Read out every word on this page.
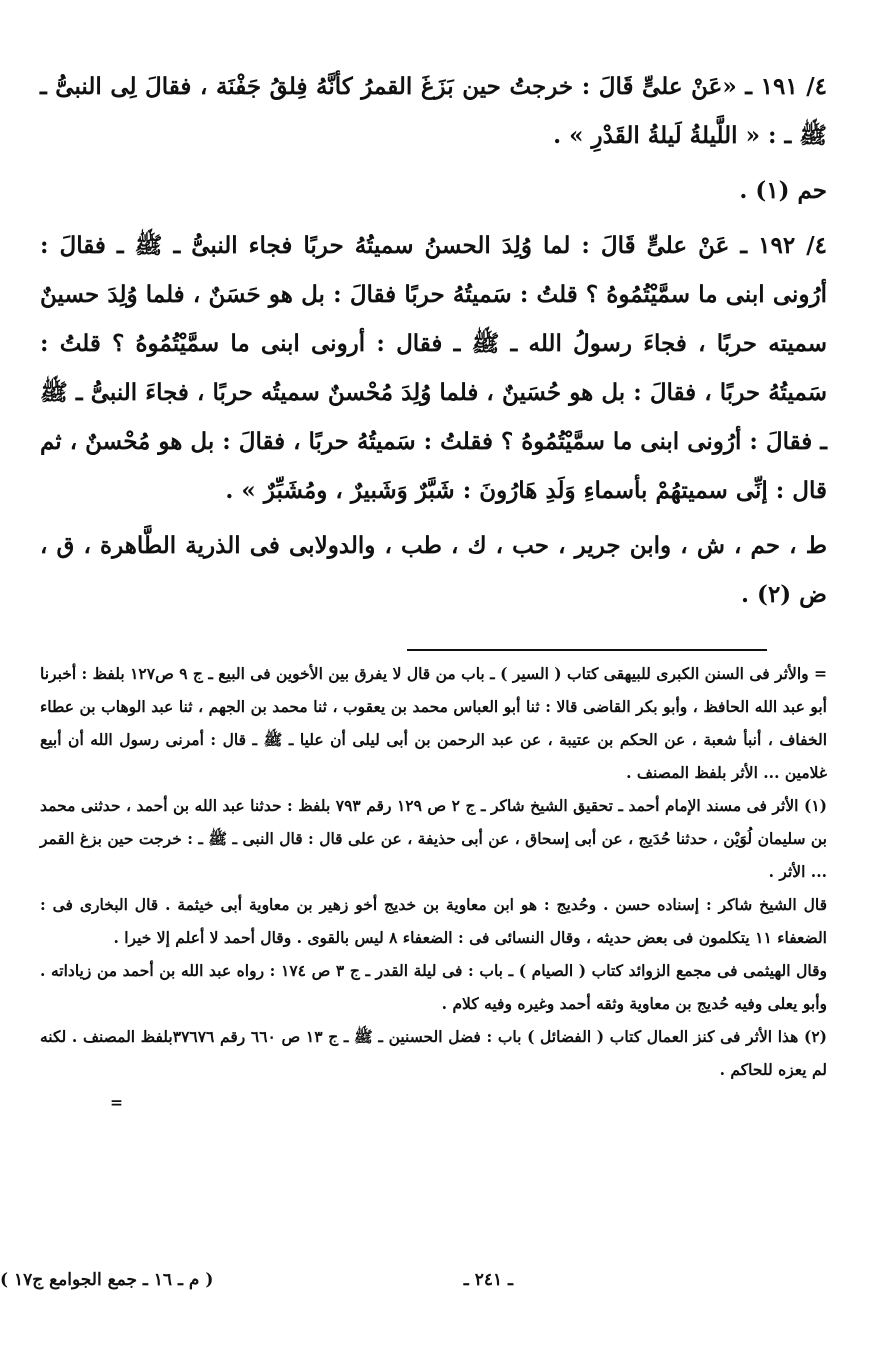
٤/ ١٩١ ـ «عَنْ علىٍّ قَالَ : خرجتُ حين بَزَغَ القمرُ كأنَّهُ فِلقُ جَفْنَة ، فقالَ لِى النبىُّ ـ ﷺ ـ : « اللَّيلةُ لَيلةُ القَدْرِ » .

حم (١) .

٤/ ١٩٢ ـ عَنْ علىٍّ قَالَ : لما وُلِدَ الحسنُ سميتُهُ حربًا فجاء النبىُّ ـ ﷺ ـ فقالَ : أرُونى ابنى ما سمَّيْتُمُوهُ ؟ قلتُ : سَميتُهُ حربًا فقالَ : بل هو حَسَنٌ ، فلما وُلِدَ حسينٌ سميته حربًا ، فجاءَ رسولُ الله ـ ﷺ ـ فقال : أرونى ابنى ما سمَّيْتُمُوهُ ؟ قلتُ : سَميتُهُ حربًا ، فقالَ : بل هو حُسَينٌ ، فلما وُلِدَ مُحْسنٌ سميتُه حربًا ، فجاءَ النبىُّ ـ ﷺ ـ فقالَ : أرُونى ابنى ما سمَّيْتُمُوهُ ؟ فقلتُ : سَميتُهُ حربًا ، فقالَ : بل هو مُحْسنٌ ، ثم قال : إنِّى سميتهُمْ بأسماءِ وَلَدِ هَارُونَ : شَبَّرٌ وَشَبيرٌ ، ومُشَبِّرٌ » .

ط ، حم ، ش ، وابن جرير ، حب ، ك ، طب ، والدولابى فى الذرية الطَّاهرة ، ق ، ض (٢) .

= والأثر فى السنن الكبرى للبيهقى كتاب ( السير ) ـ باب من قال لا يفرق بين الأخوين فى البيع ـ ج ٩ ص١٢٧ بلفظ : أخبرنا أبو عبد الله الحافظ ، وأبو بكر القاضى قالا : ثنا أبو العباس محمد بن يعقوب ، ثنا محمد بن الجهم ، ثنا عبد الوهاب بن عطاء الخفاف ، أنبأ شعبة ، عن الحكم بن عتيبة ، عن عبد الرحمن بن أبى ليلى أن عليا ـ ﷺ ـ قال : أمرنى رسول الله أن أبيع غلامين ... الأثر بلفظ المصنف .

(١) الأثر فى مسند الإمام أحمد ـ تحقيق الشيخ شاكر ـ ج ٢ ص ١٢٩ رقم ٧٩٣ بلفظ : حدثنا عبد الله بن أحمد ، حدثنى محمد بن سليمان لُوَيْن ، حدثنا حُدَيج ، عن أبى إسحاق ، عن أبى حذيفة ، عن على قال : قال النبى ـ ﷺ ـ : خرجت حين بزغ القمر ... الأثر .

قال الشيخ شاكر : إسناده حسن . وحُديج : هو ابن معاوية بن خديج أخو زهير بن معاوية أبى خيثمة . قال البخارى فى : الضعفاء ١١ يتكلمون فى بعض حديثه ، وقال النسائى فى : الضعفاء ٨ ليس بالقوى . وقال أحمد لا أعلم إلا خيرا .

وقال الهيثمى فى مجمع الزوائد كتاب ( الصيام ) ـ باب : فى ليلة القدر ـ ج ٣ ص ١٧٤ : رواه عبد الله بن أحمد من زياداته . وأبو يعلى وفيه حُديج بن معاوية وثقه أحمد وغيره وفيه كلام .

(٢) هذا الأثر فى كنز العمال كتاب ( الفضائل ) باب : فضل الحسنين ـ ﷺ ـ ج ١٣ ص ٦٦٠ رقم ٣٧٦٧٦بلفظ المصنف . لكنه لم يعزه للحاكم .

=

ـ ٢٤١ ـ
( م ـ ١٦ ـ جمع الجوامع ج١٧ )
